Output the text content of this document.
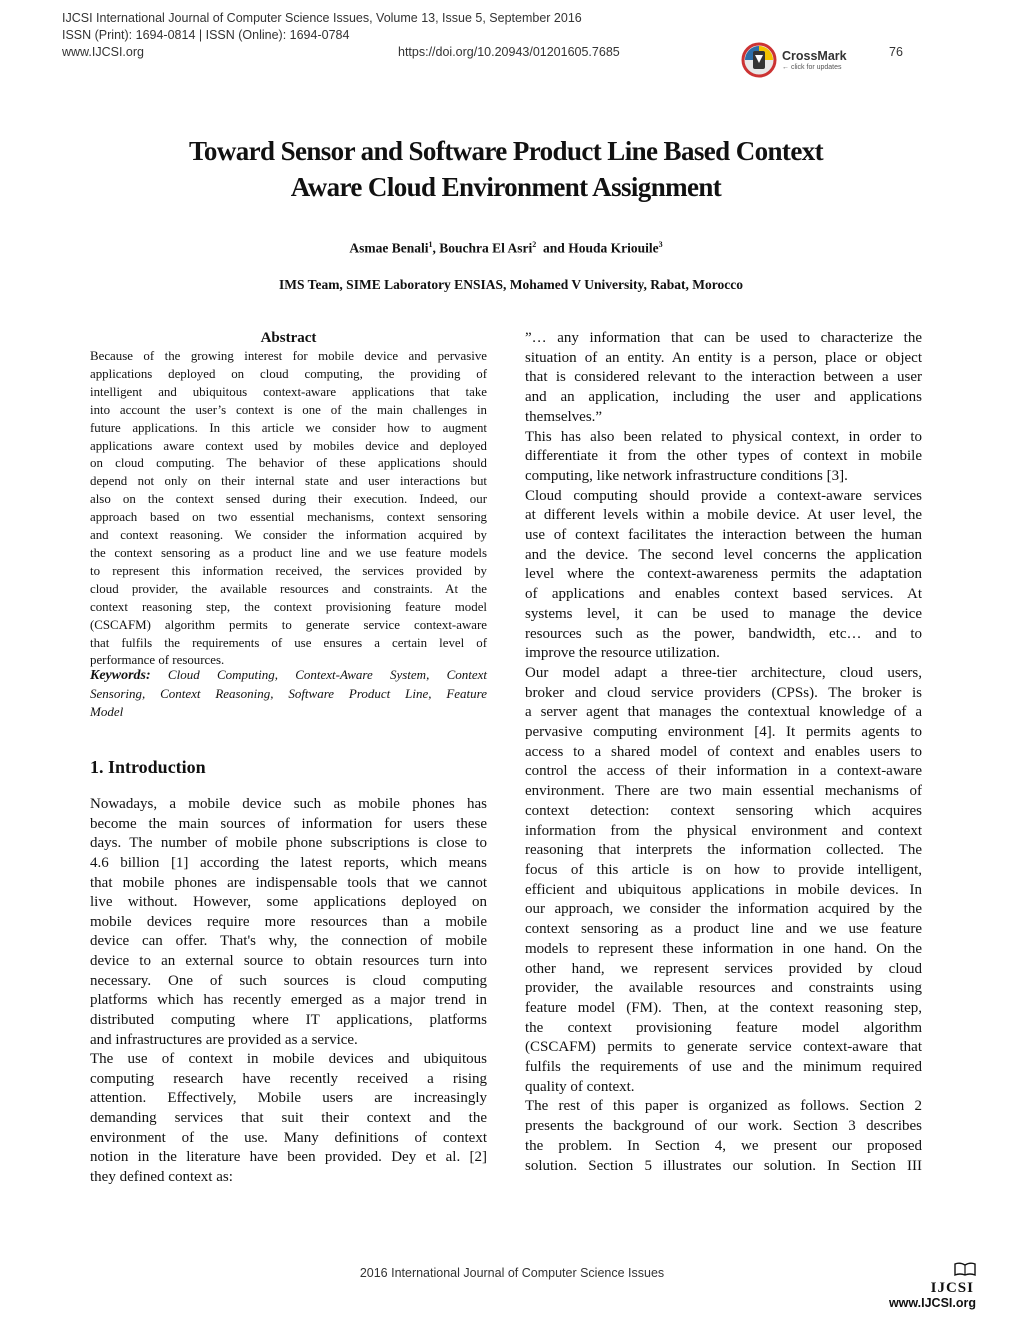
IJCSI International Journal of Computer Science Issues, Volume 13, Issue 5, September 2016
ISSN (Print): 1694-0814 | ISSN (Online): 1694-0784
www.IJCSI.org	https://doi.org/10.20943/01201605.7685	CrossMark
← click for updates
76
Toward Sensor and Software Product Line Based Context
Aware Cloud Environment Assignment
Asmae Benali$^1$, Bouchra El Asri$^2$  and Houda Kriouile$^3$
IMS Team, SIME Laboratory ENSIAS, Mohamed V University, Rabat, Morocco
Abstract
Because of the growing interest for mobile device and pervasive
applications deployed on cloud computing, the providing of
intelligent and ubiquitous context-aware applications that take
into account the user’s context is one of the main challenges in
future applications. In this article we consider how to augment
applications aware context used by mobiles device and deployed
on cloud computing. The behavior of these applications should
depend not only on their internal state and user interactions but
also on the context sensed during their execution. Indeed, our
approach based on two essential mechanisms, context sensoring
and context reasoning. We consider the information acquired by
the context sensoring as a product line and we use feature models
to represent this information received, the services provided by
cloud provider, the available resources and constraints. At the
context reasoning step, the context provisioning feature model
(CSCAFM) algorithm permits to generate service context-aware
that fulfils the requirements of use ensures a certain level of
performance of resources.
Keywords: Cloud Computing, Context-Aware System, Context
Sensoring, Context Reasoning, Software Product Line, Feature
Model
1. Introduction
Nowadays, a mobile device such as mobile phones has
become the main sources of information for users these
days. The number of mobile phone subscriptions is close to
4.6 billion [1] according the latest reports, which means
that mobile phones are indispensable tools that we cannot
live without. However, some applications deployed on
mobile devices require more resources than a mobile
device can offer. That's why, the connection of mobile
device to an external source to obtain resources turn into
necessary. One of such sources is cloud computing
platforms which has recently emerged as a major trend in
distributed computing where IT applications, platforms
and infrastructures are provided as a service.
The use of context in mobile devices and ubiquitous
computing research have recently received a rising
attention. Effectively, Mobile users are increasingly
demanding services that suit their context and the
environment of the use. Many definitions of context
notion in the literature have been provided. Dey et al. [2]
they defined context as:
”… any information that can be used to characterize the
situation of an entity. An entity is a person, place or object
that is considered relevant to the interaction between a user
and an application, including the user and applications
themselves.”
This has also been related to physical context, in order to
differentiate it from the other types of context in mobile
computing, like network infrastructure conditions [3].
Cloud computing should provide a context-aware services
at different levels within a mobile device. At user level, the
use of context facilitates the interaction between the human
and the device. The second level concerns the application
level where the context-awareness permits the adaptation
of applications and enables context based services. At
systems level, it can be used to manage the device
resources such as the power, bandwidth, etc… and to
improve the resource utilization.
Our model adapt a three-tier architecture, cloud users,
broker and cloud service providers (CPSs). The broker is
a server agent that manages the contextual knowledge of a
pervasive computing environment [4]. It permits agents to
access to a shared model of context and enables users to
control the access of their information in a context-aware
environment. There are two main essential mechanisms of
context detection: context sensoring which acquires
information from the physical environment and context
reasoning that interprets the information collected. The
focus of this article is on how to provide intelligent,
efficient and ubiquitous applications in mobile devices. In
our approach, we consider the information acquired by the
context sensoring as a product line and we use feature
models to represent these information in one hand. On the
other hand, we represent services provided by cloud
provider, the available resources and constraints using
feature model (FM). Then, at the context reasoning step,
the context provisioning feature model algorithm
(CSCAFM) permits to generate service context-aware that
fulfils the requirements of use and the minimum required
quality of context.
The rest of this paper is organized as follows. Section 2
presents the background of our work. Section 3 describes
the problem. In Section 4, we present our proposed
solution. Section 5 illustrates our solution. In Section III
2016 International Journal of Computer Science Issues
IJCSI
www.IJCSI.org
